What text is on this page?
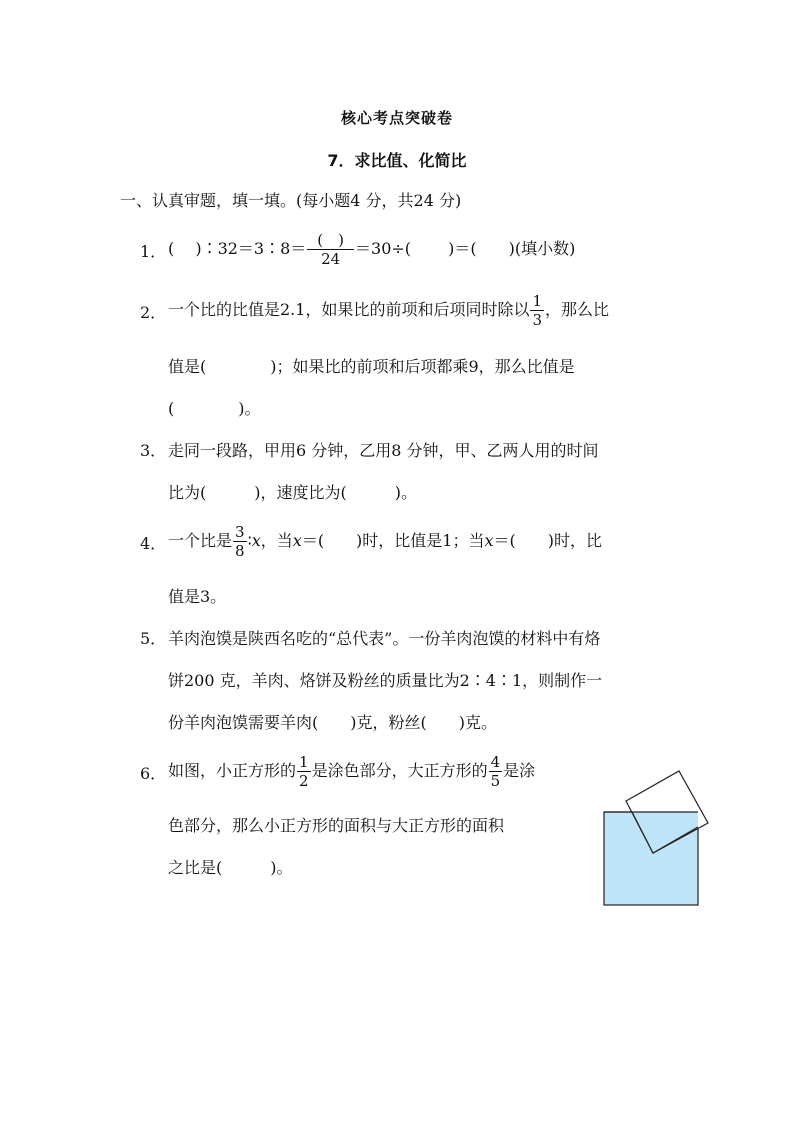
核心考点突破卷
7．求比值、化简比
一、认真审题，填一填。(每小题4 分，共24 分)
1． (　 )∶32＝3∶8＝ $\frac{( )}{24} =30\div$(　　 )＝(　　)(填小数)
2． 一个比的比值是2.1，如果比的前项和后项同时除以 $\frac{1}{3}$ ，那么比
值是(　　　　)；如果比的前项和后项都乘9，那么比值是
(　　　　)。
3． 走同一段路，甲用6 分钟，乙用8 分钟，甲、乙两人用的时间
比为(　　　)，速度比为(　　　)。
4． 一个比是 $\frac{3}{8}$ ∶x，当x＝(　　)时，比值是1；当x＝(　　)时，比
值是3。
5． 羊肉泡馍是陕西名吃的“总代表”。一份羊肉泡馍的材料中有烙
饼200 克，羊肉、烙饼及粉丝的质量比为2∶4∶1，则制作一
份羊肉泡馍需要羊肉(　　)克，粉丝(　　)克。
6． 如图，小正方形的 $\frac{1}{2}$ 是涂色部分，大正方形的 $\frac{4}{5}$ 是涂
色部分，那么小正方形的面积与大正方形的面积
之比是(　　　)。
